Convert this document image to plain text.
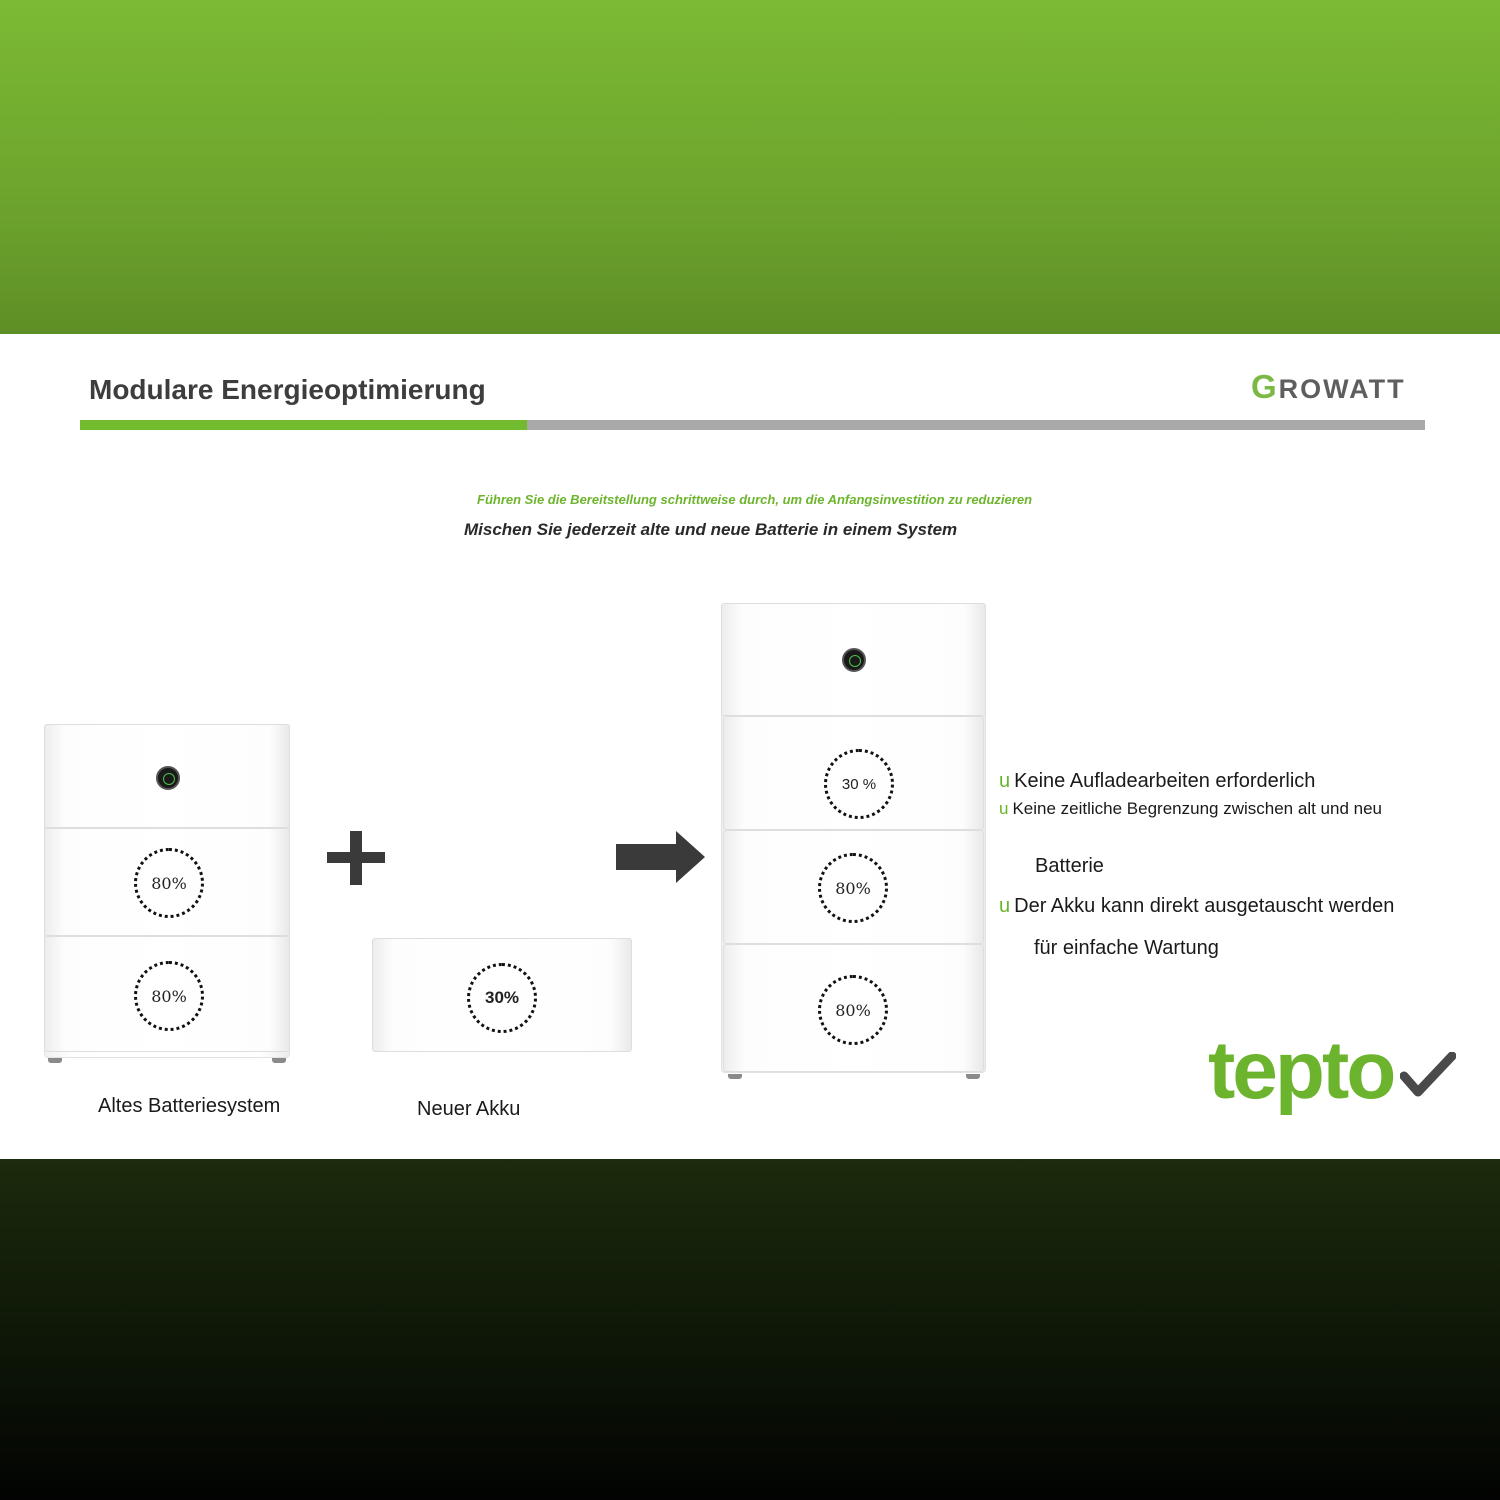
Modulare Energieoptimierung	GROWATT
Führen Sie die Bereitstellung schrittweise durch, um die Anfangsinvestition zu reduzieren
Mischen Sie jederzeit alte und neue Batterie in einem System
80%
80%
Altes Batteriesystem
30%
Neuer Akku
30 %
80%
80%
u Keine Aufladearbeiten erforderlich
u Keine zeitliche Begrenzung zwischen alt und neu
Batterie
u Der Akku kann direkt ausgetauscht werden
für einfache Wartung
tepto
